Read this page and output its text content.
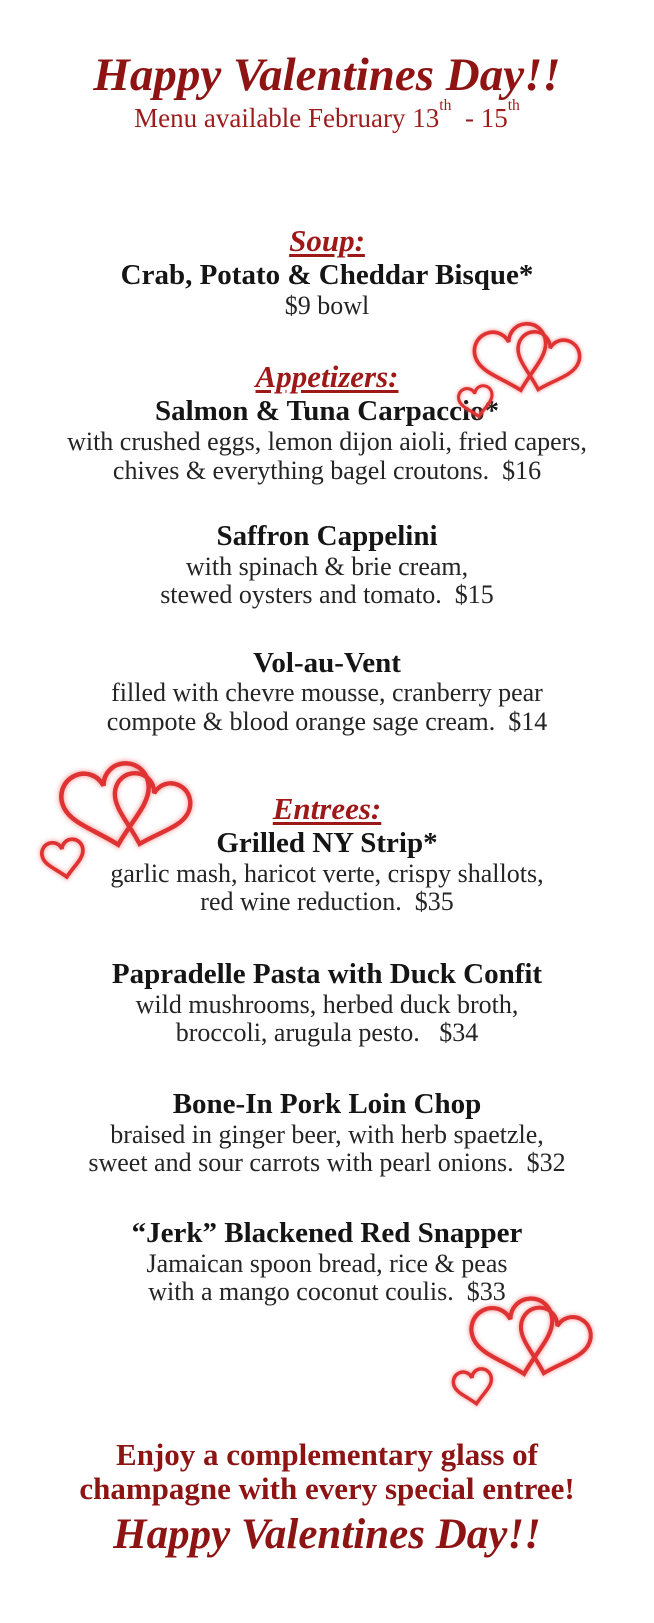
Happy Valentines Day!!
Menu available February 13th  - 15th
Soup:
Crab, Potato & Cheddar Bisque*
$9 bowl
Appetizers:
Salmon & Tuna Carpaccio*
with crushed eggs, lemon dijon aioli, fried capers,
chives & everything bagel croutons.  $16
Saffron Cappelini
with spinach & brie cream,
stewed oysters and tomato.  $15
Vol-au-Vent
filled with chevre mousse, cranberry pear
compote & blood orange sage cream.  $14
Entrees:
Grilled NY Strip*
garlic mash, haricot verte, crispy shallots,
red wine reduction.  $35
Papradelle Pasta with Duck Confit
wild mushrooms, herbed duck broth,
broccoli, arugula pesto.   $34
Bone-In Pork Loin Chop
braised in ginger beer, with herb spaetzle,
sweet and sour carrots with pearl onions.  $32
“Jerk” Blackened Red Snapper
Jamaican spoon bread, rice & peas
with a mango coconut coulis.  $33
Enjoy a complementary glass of
champagne with every special entree!
Happy Valentines Day!!
